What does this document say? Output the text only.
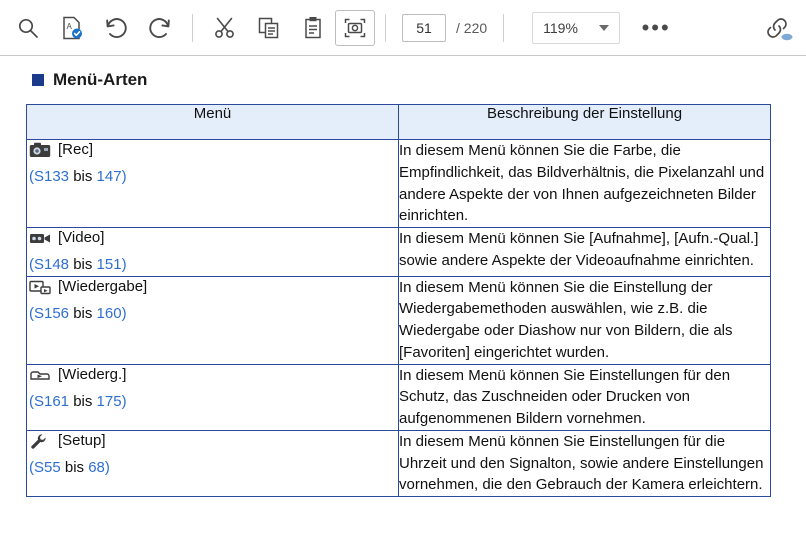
A
51	/ 220	119%	•••
Menü-Arten
Menü	Beschreibung der Einstellung

[Rec]
(S133 bis 147)	In diesem Menü können Sie die Farbe, die Empfindlichkeit, das Bildverhältnis, die Pixelanzahl und andere Aspekte der von Ihnen aufgezeichneten Bilder einrichten.

[Video]
(S148 bis 151)	In diesem Menü können Sie [Aufnahme], [Aufn.-Qual.] sowie andere Aspekte der Videoaufnahme einrichten.

[Wiedergabe]
(S156 bis 160)	In diesem Menü können Sie die Einstellung der Wiedergabemethoden auswählen, wie z.B. die Wiedergabe oder Diashow nur von Bildern, die als [Favoriten] eingerichtet wurden.

[Wiederg.]
(S161 bis 175)	In diesem Menü können Sie Einstellungen für den Schutz, das Zuschneiden oder Drucken von aufgenommenen Bildern vornehmen.

[Setup]
(S55 bis 68)	In diesem Menü können Sie Einstellungen für die Uhrzeit und den Signalton, sowie andere Einstellungen vornehmen, die den Gebrauch der Kamera erleichtern.
